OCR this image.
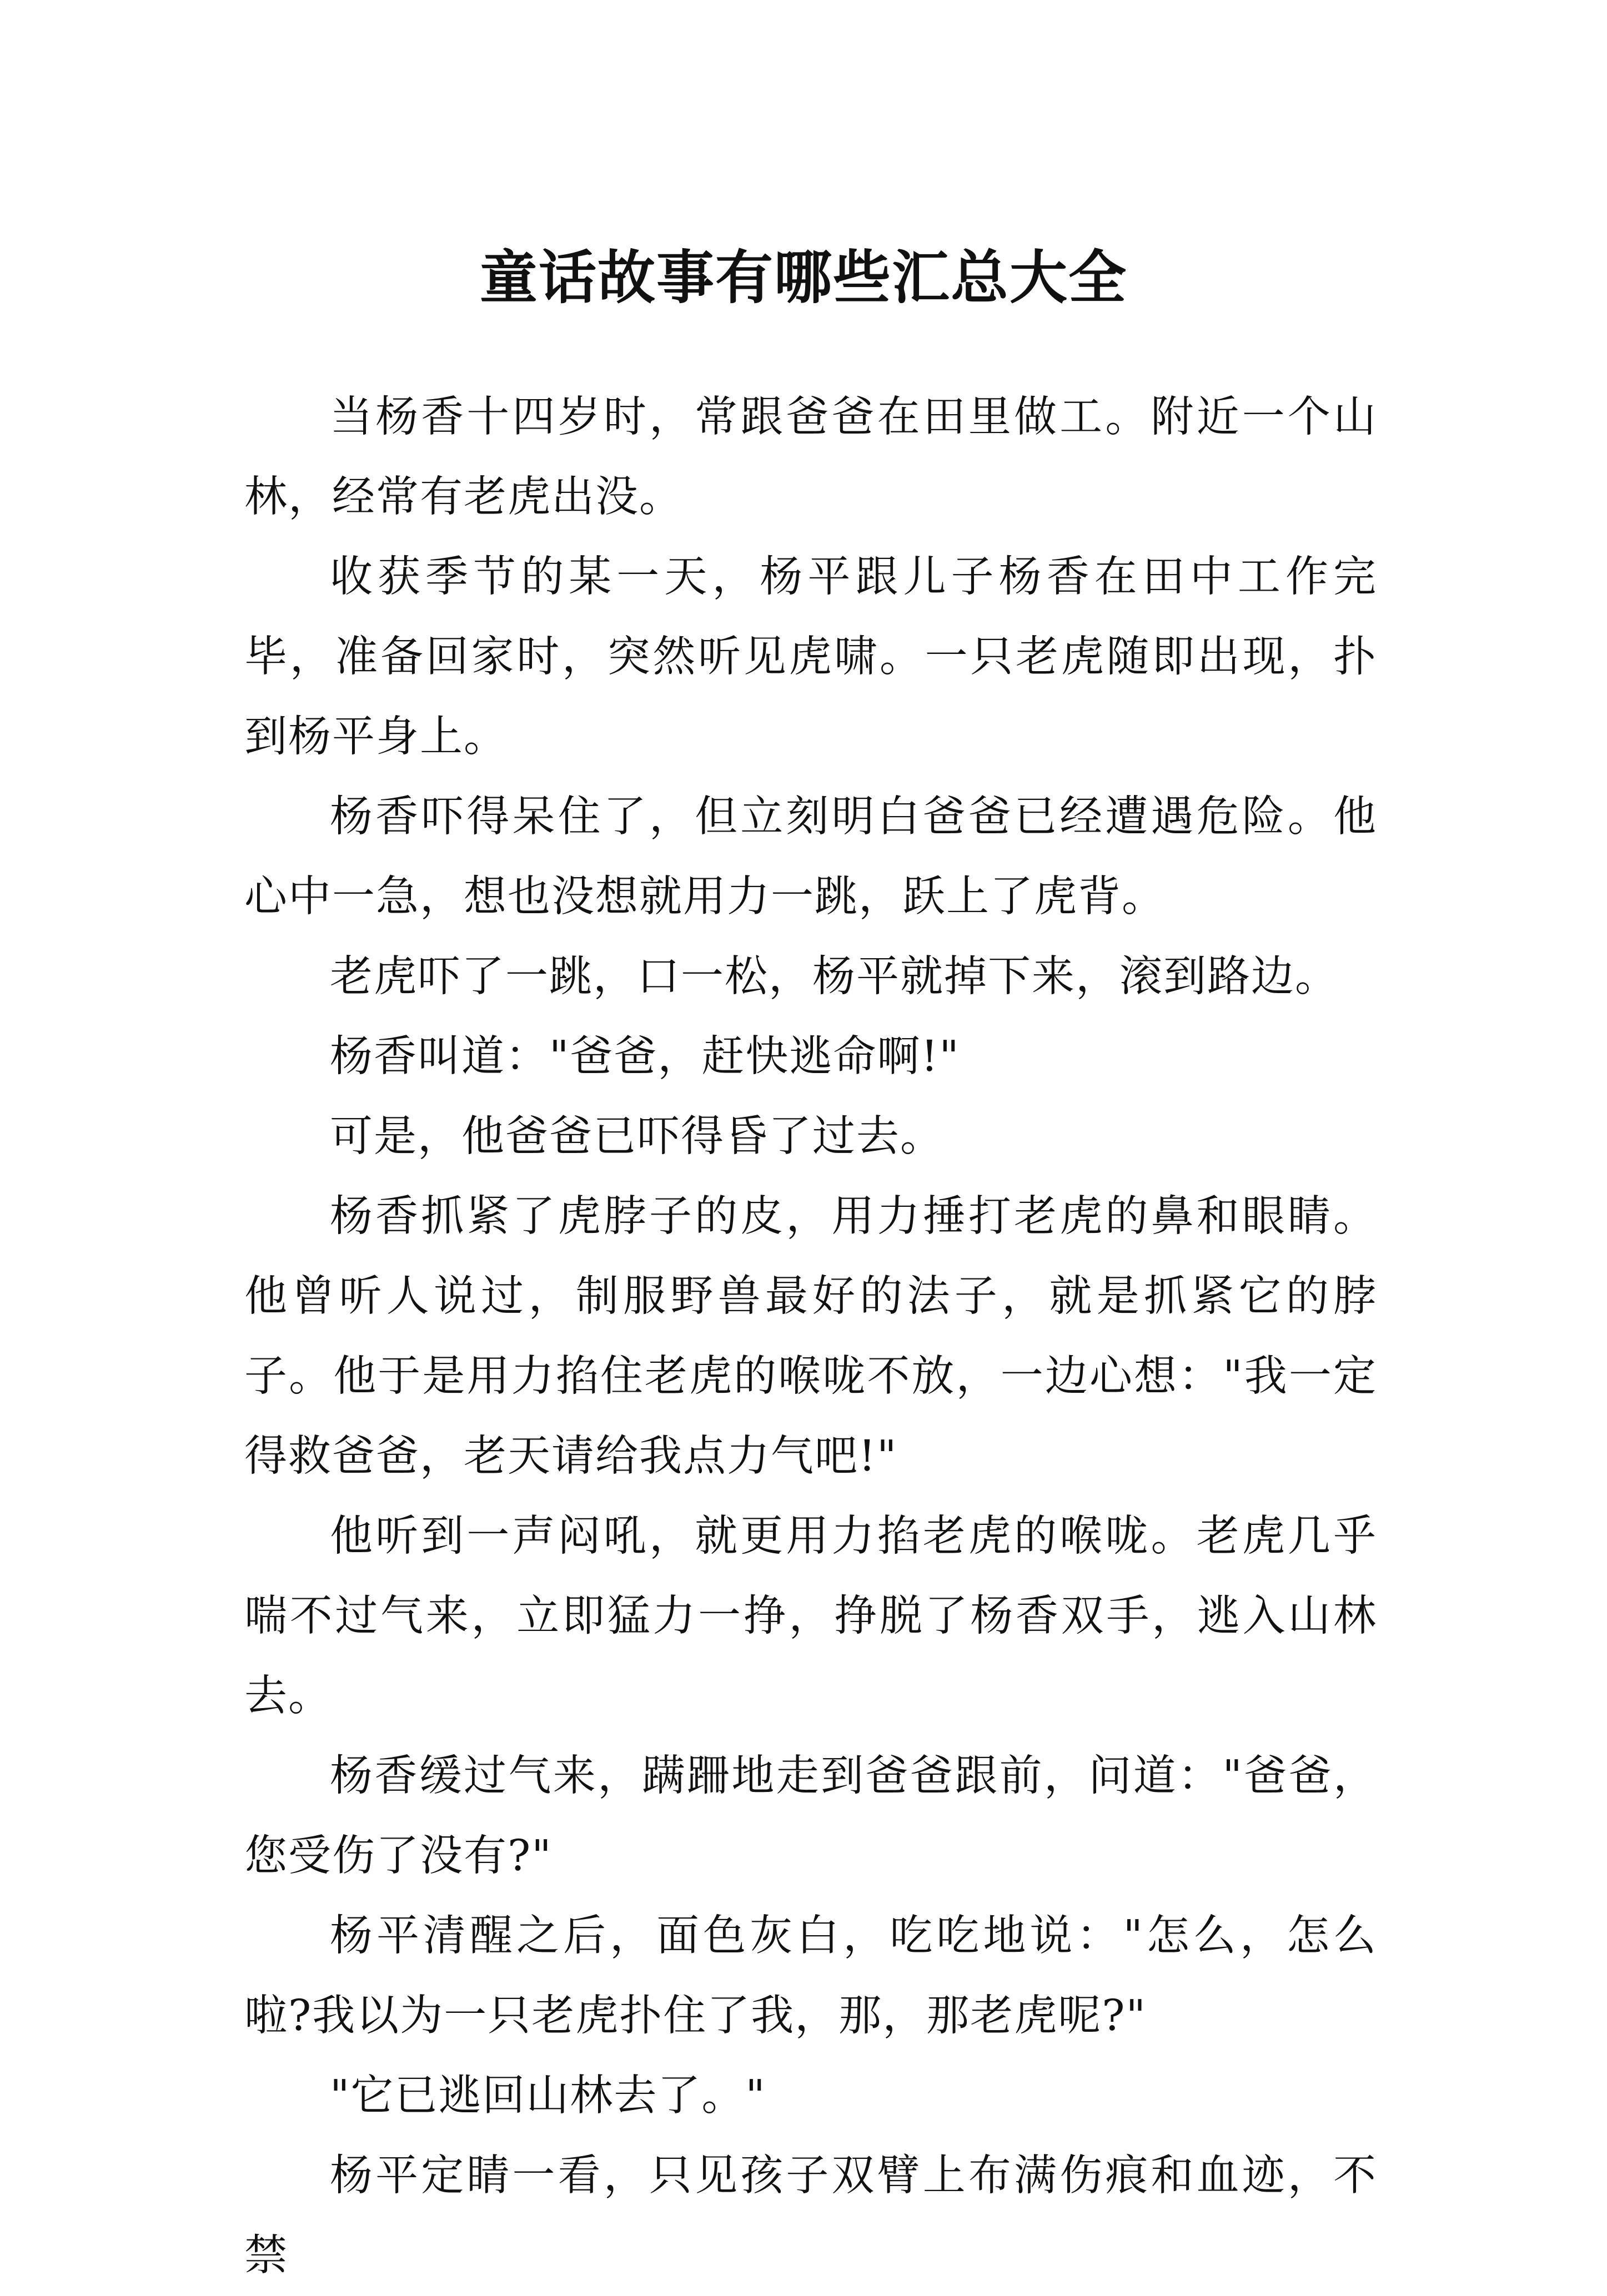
童话故事有哪些汇总大全

当杨香十四岁时，常跟爸爸在田里做工。附近一个山林，经常有老虎出没。

收获季节的某一天，杨平跟儿子杨香在田中工作完毕，准备回家时，突然听见虎啸。一只老虎随即出现，扑到杨平身上。

杨香吓得呆住了，但立刻明白爸爸已经遭遇危险。他心中一急，想也没想就用力一跳，跃上了虎背。

老虎吓了一跳，口一松，杨平就掉下来，滚到路边。

杨香叫道："爸爸，赶快逃命啊!"

可是，他爸爸已吓得昏了过去。

杨香抓紧了虎脖子的皮，用力捶打老虎的鼻和眼睛。他曾听人说过，制服野兽最好的法子，就是抓紧它的脖子。他于是用力掐住老虎的喉咙不放，一边心想："我一定得救爸爸，老天请给我点力气吧!"

他听到一声闷吼，就更用力掐老虎的喉咙。老虎几乎喘不过气来，立即猛力一挣，挣脱了杨香双手，逃入山林去。

杨香缓过气来，蹒跚地走到爸爸跟前，问道："爸爸，您受伤了没有?"

杨平清醒之后，面色灰白，吃吃地说："怎么，怎么啦?我以为一只老虎扑住了我，那，那老虎呢?"

"它已逃回山林去了。"

杨平定睛一看，只见孩子双臂上布满伤痕和血迹，不禁
